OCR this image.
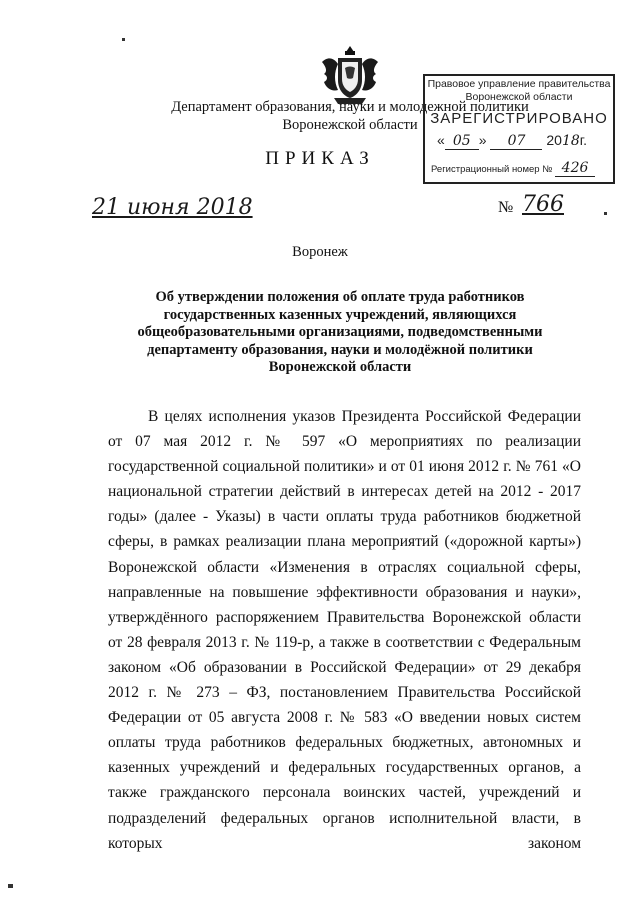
Департамент образования, науки и молодежной политики
Воронежской области
ПРИКАЗ
Правовое управление правительства
Воронежской области
ЗАРЕГИСТРИРОВАНО
« 05 » 07 2018г.
Регистрационный номер № 426
21 июня 2018	№ 766
Воронеж
Об утверждении положения об оплате труда работников государственных казенных учреждений, являющихся общеобразовательными организациями, подведомственными департаменту образования, науки и молодёжной политики Воронежской области

В целях исполнения указов Президента Российской Федерации от 07 мая 2012 г. № 597 «О мероприятиях по реализации государственной социальной политики» и от 01 июня 2012 г. № 761 «О национальной стратегии действий в интересах детей на 2012 - 2017 годы» (далее - Указы) в части оплаты труда работников бюджетной сферы, в рамках реализации плана мероприятий («дорожной карты») Воронежской области «Изменения в отраслях социальной сферы, направленные на повышение эффективности образования и науки», утверждённого распоряжением Правительства Воронежской области от 28 февраля 2013 г. № 119-р, а также в соответствии с Федеральным законом «Об образовании в Российской Федерации» от 29 декабря 2012 г. № 273 – ФЗ, постановлением Правительства Российской Федерации от 05 августа 2008 г. № 583 «О введении новых систем оплаты труда работников федеральных бюджетных, автономных и казенных учреждений и федеральных государственных органов, а также гражданского персонала воинских частей, учреждений и подразделений федеральных органов исполнительной власти, в которых законом
